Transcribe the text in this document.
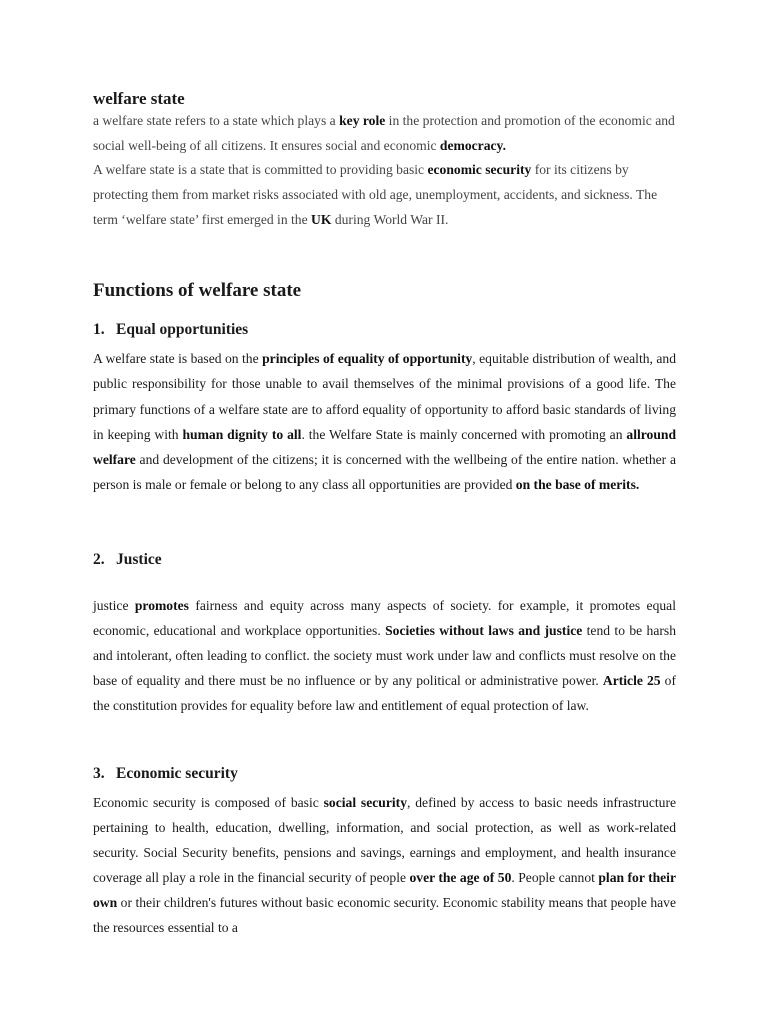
welfare state

a welfare state refers to a state which plays a key role in the protection and promotion of the economic and social well-being of all citizens. It ensures social and economic democracy.

A welfare state is a state that is committed to providing basic economic security for its citizens by protecting them from market risks associated with old age, unemployment, accidents, and sickness. The term ‘welfare state’ first emerged in the UK during World War II.

Functions of welfare state
1. Equal opportunities

A welfare state is based on the principles of equality of opportunity, equitable distribution of wealth, and public responsibility for those unable to avail themselves of the minimal provisions of a good life. The primary functions of a welfare state are to afford equality of opportunity to afford basic standards of living in keeping with human dignity to all. the Welfare State is mainly concerned with promoting an allround welfare and development of the citizens; it is concerned with the wellbeing of the entire nation. whether a person is male or female or belong to any class all opportunities are provided on the base of merits.

2. Justice

justice promotes fairness and equity across many aspects of society. for example, it promotes equal economic, educational and workplace opportunities. Societies without laws and justice tend to be harsh and intolerant, often leading to conflict. the society must work under law and conflicts must resolve on the base of equality and there must be no influence or by any political or administrative power. Article 25 of the constitution provides for equality before law and entitlement of equal protection of law.

3. Economic security

Economic security is composed of basic social security, defined by access to basic needs infrastructure pertaining to health, education, dwelling, information, and social protection, as well as work-related security. Social Security benefits, pensions and savings, earnings and employment, and health insurance coverage all play a role in the financial security of people over the age of 50. People cannot plan for their own or their children's futures without basic economic security. Economic stability means that people have the resources essential to a
